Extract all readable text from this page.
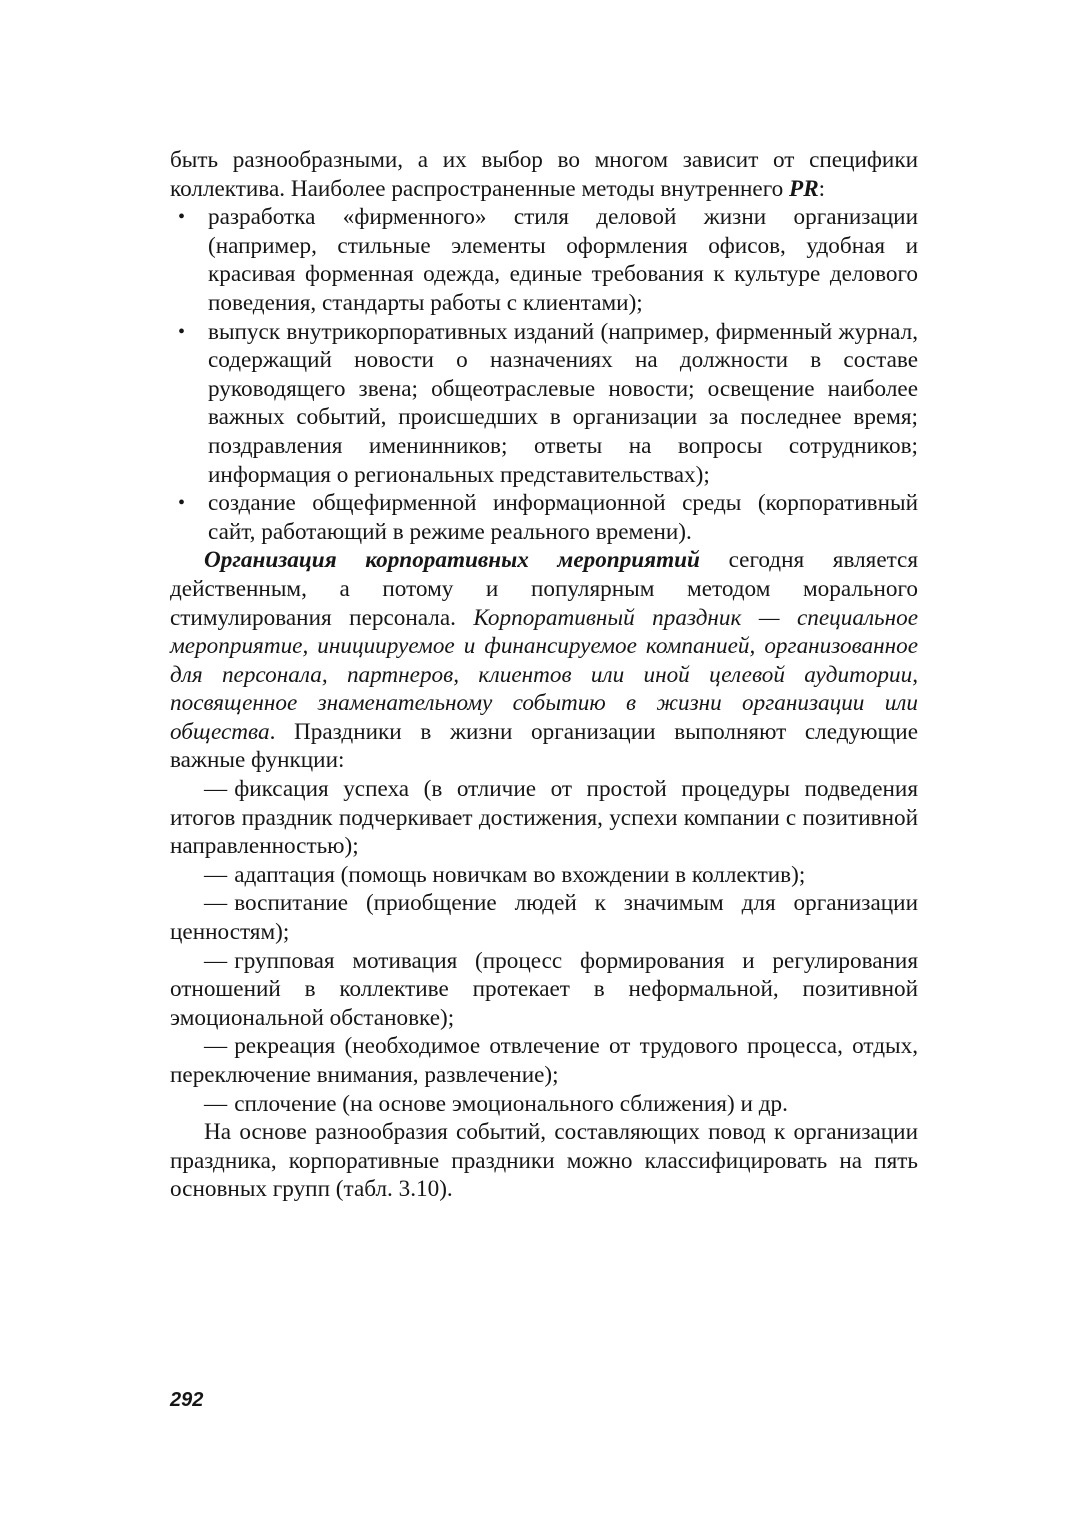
быть разнообразными, а их выбор во многом зависит от специфики коллектива. Наиболее распространенные методы внутреннего PR:

• разработка «фирменного» стиля деловой жизни организации (например, стильные элементы оформления офисов, удобная и красивая форменная одежда, единые требования к культуре делового поведения, стандарты работы с клиентами);
• выпуск внутрикорпоративных изданий (например, фирменный журнал, содержащий новости о назначениях на должности в составе руководящего звена; общеотраслевые новости; освещение наиболее важных событий, происшедших в организации за последнее время; поздравления именинников; ответы на вопросы сотрудников; информация о региональных представительствах);
• создание общефирменной информационной среды (корпоративный сайт, работающий в режиме реального времени).

Организация корпоративных мероприятий сегодня является действенным, а потому и популярным методом морального стимулирования персонала. Корпоративный праздник — специальное мероприятие, инициируемое и финансируемое компанией, организованное для персонала, партнеров, клиентов или иной целевой аудитории, посвященное знаменательному событию в жизни организации или общества. Праздники в жизни организации выполняют следующие важные функции:

— фиксация успеха (в отличие от простой процедуры подведения итогов праздник подчеркивает достижения, успехи компании с позитивной направленностью);

— адаптация (помощь новичкам во вхождении в коллектив);

— воспитание (приобщение людей к значимым для организации ценностям);

— групповая мотивация (процесс формирования и регулирования отношений в коллективе протекает в неформальной, позитивной эмоциональной обстановке);

— рекреация (необходимое отвлечение от трудового процесса, отдых, переключение внимания, развлечение);

— сплочение (на основе эмоционального сближения) и др.

На основе разнообразия событий, составляющих повод к организации праздника, корпоративные праздники можно классифицировать на пять основных групп (табл. 3.10).

292
